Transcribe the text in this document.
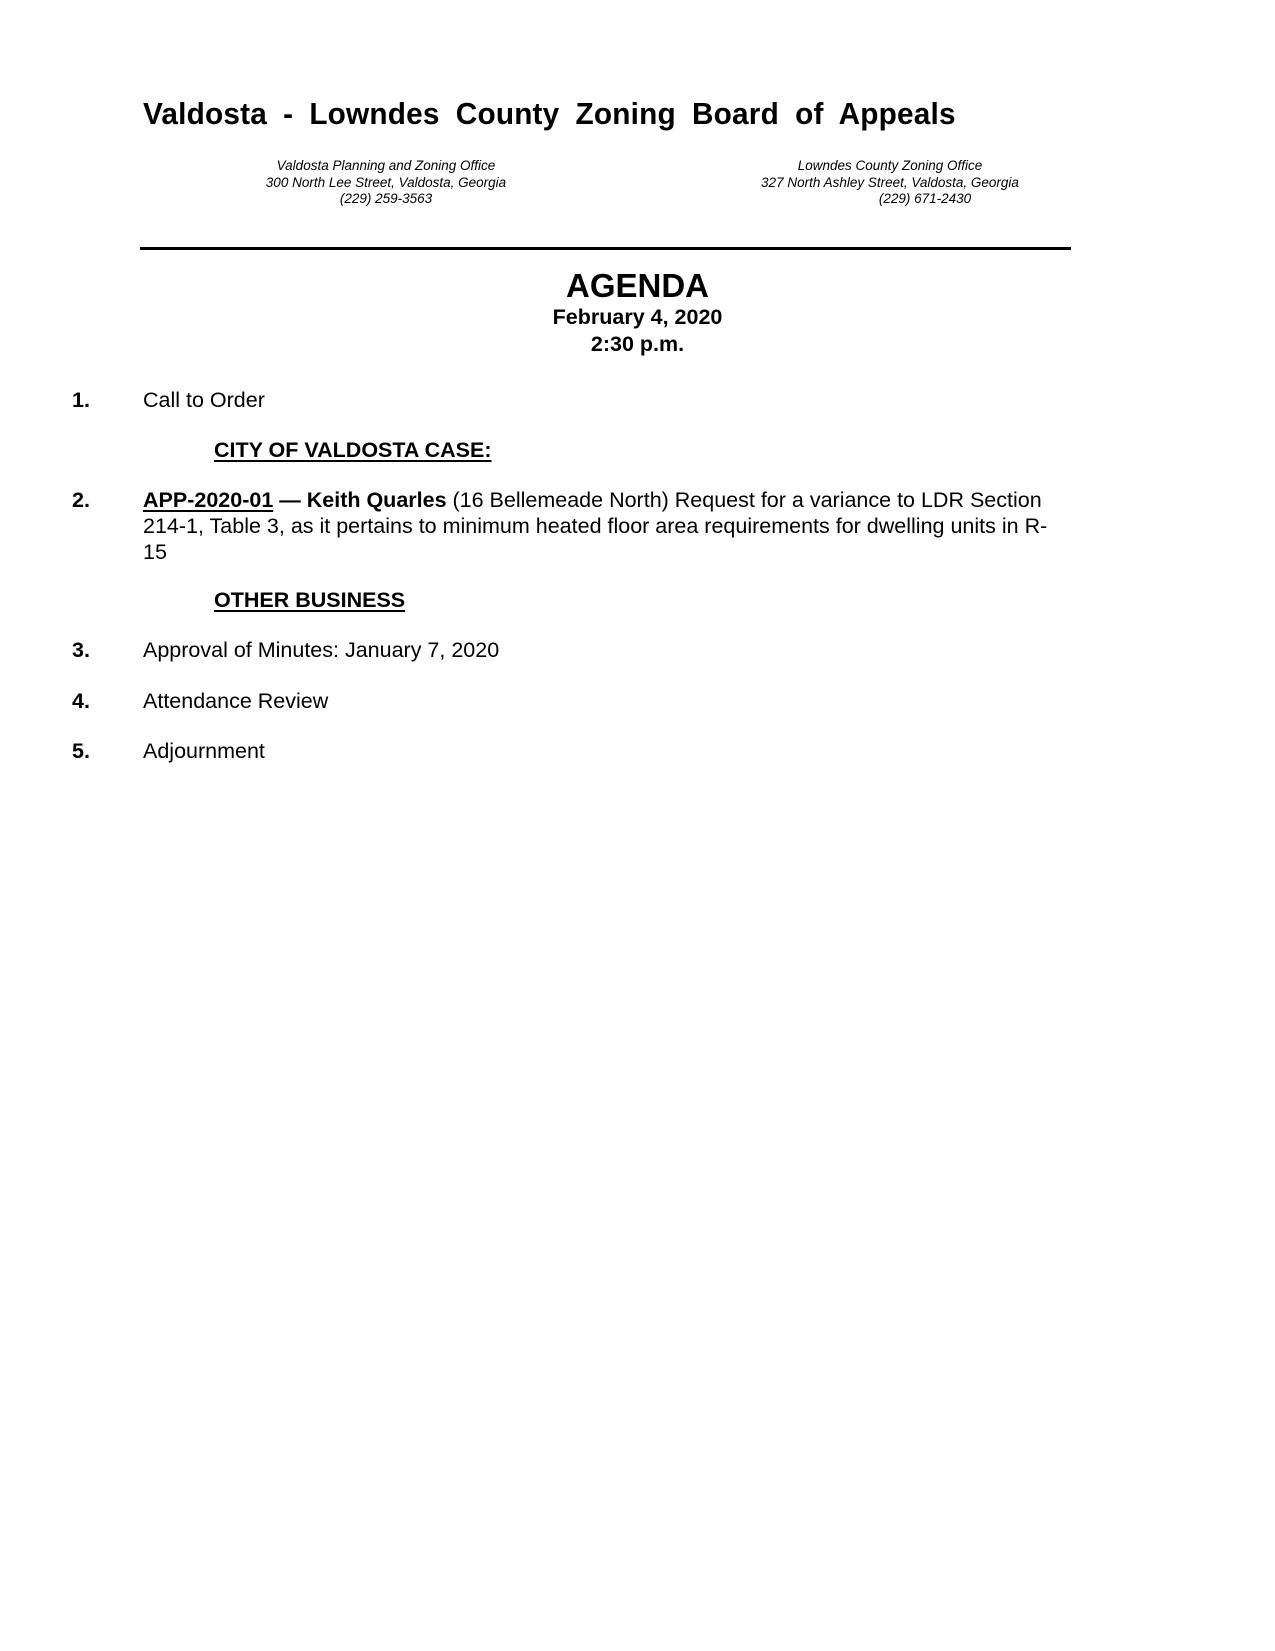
Valdosta - Lowndes County Zoning Board of Appeals
Valdosta Planning and Zoning Office
300 North Lee Street, Valdosta, Georgia
(229) 259-3563
Lowndes County Zoning Office
327 North Ashley Street, Valdosta, Georgia
(229) 671-2430
AGENDA
February 4, 2020
2:30 p.m.
1. Call to Order
CITY OF VALDOSTA CASE:
2. APP-2020-01 — Keith Quarles (16 Bellemeade North) Request for a variance to LDR Section 214-1, Table 3, as it pertains to minimum heated floor area requirements for dwelling units in R-15
OTHER BUSINESS
3. Approval of Minutes: January 7, 2020
4. Attendance Review
5. Adjournment
